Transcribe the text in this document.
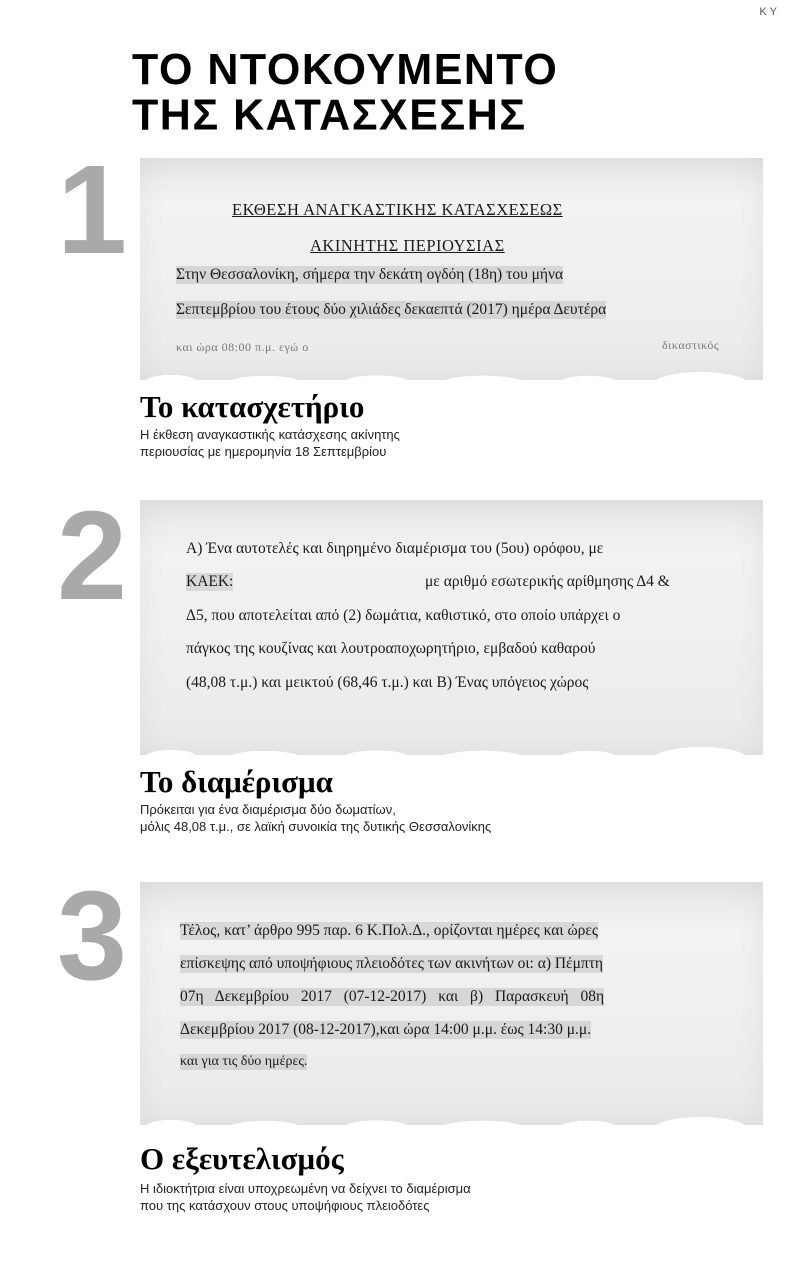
ΚΥ
ΤΟ ΝΤΟΚΟΥΜΕΝΤΟ
ΤΗΣ ΚΑΤΑΣΧΕΣΗΣ
1	ΕΚΘΕΣΗ ΑΝΑΓΚΑΣΤΙΚΗΣ ΚΑΤΑΣΧΕΣΕΩΣ
ΑΚΙΝΗΤΗΣ ΠΕΡΙΟΥΣΙΑΣ
Στην Θεσσαλονίκη, σήμερα την δεκάτη ογδόη (18η) του μήνα
Σεπτεμβρίου του έτους δύο χιλιάδες δεκαεπτά (2017) ημέρα Δευτέρα
και ώρα 08:00 π.μ. εγώ ο	δικαστικός
Το κατασχετήριο
Η έκθεση αναγκαστικής κατάσχεσης ακίνητης
περιουσίας με ημερομηνία 18 Σεπτεμβρίου
2	Α) Ένα αυτοτελές και διηρημένο διαμέρισμα του (5ου) ορόφου, με
ΚΑΕΚ:	με αριθμό εσωτερικής αρίθμησης Δ4 &
Δ5, που αποτελείται από (2) δωμάτια, καθιστικό, στο οποίο υπάρχει ο
πάγκος της κουζίνας και λουτροαποχωρητήριο, εμβαδού καθαρού
(48,08 τ.μ.) και μεικτού (68,46 τ.μ.) και Β) Ένας υπόγειος χώρος
Το διαμέρισμα
Πρόκειται για ένα διαμέρισμα δύο δωματίων,
μόλις 48,08 τ.μ., σε λαϊκή συνοικία της δυτικής Θεσσαλονίκης
3	Τέλος, κατ’ άρθρο 995 παρ. 6 Κ.Πολ.Δ., ορίζονται ημέρες και ώρες
επίσκεψης από υποψήφιους πλειοδότες των ακινήτων οι: α) Πέμπτη
07η Δεκεμβρίου 2017 (07-12-2017) και β) Παρασκευή 08η
Δεκεμβρίου 2017 (08-12-2017),και ώρα 14:00 μ.μ. έως 14:30 μ.μ.
και για τις δύο ημέρες.
Ο εξευτελισμός
Η ιδιοκτήτρια είναι υποχρεωμένη να δείχνει το διαμέρισμα
που της κατάσχουν στους υποψήφιους πλειοδότες
